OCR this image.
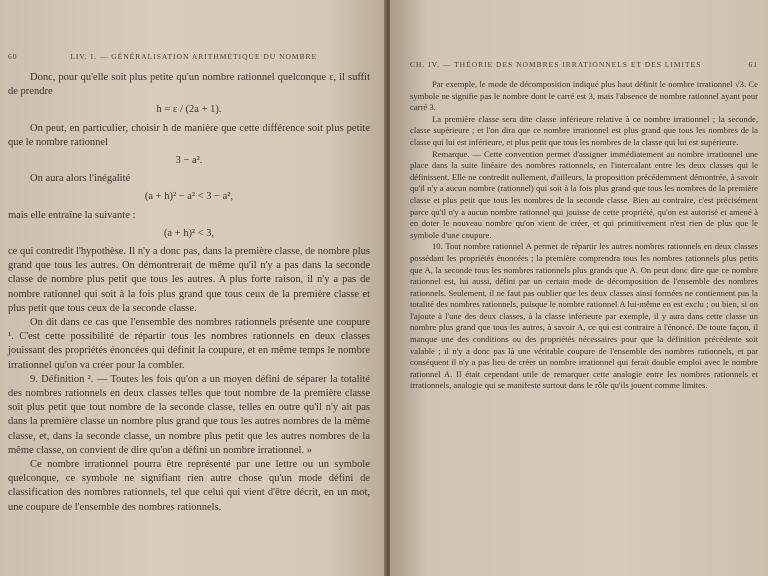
60	LIV. I. — GÉNÉRALISATION ARITHMÉTIQUE DU NOMBRE

Donc, pour qu'elle soit plus petite qu'un nombre rationnel quelconque ε, il suffit de prendre

h = ε / (2a + 1).

On peut, en particulier, choisir h de manière que cette différence soit plus petite que le nombre rationnel

3 − a².

On aura alors l'inégalité

(a + h)² − a² < 3 − a²,

mais elle entraîne la suivante :

(a + h)² < 3,

ce qui contredit l'hypothèse. Il n'y a donc pas, dans la première classe, de nombre plus grand que tous les autres. On démontrerait de même qu'il n'y a pas dans la seconde classe de nombre plus petit que tous les autres. A plus forte raison, il n'y a pas de nombre rationnel qui soit à la fois plus grand que tous ceux de la première classe et plus petit que tous ceux de la seconde classe.

On dit dans ce cas que l'ensemble des nombres rationnels présente une coupure ¹. C'est cette possibilité de répartir tous les nombres rationnels en deux classes jouissant des propriétés énoncées qui définit la coupure, et en même temps le nombre irrationnel qu'on va créer pour la combler.

9. Définition ². — Toutes les fois qu'on a un moyen défini de séparer la totalité des nombres rationnels en deux classes telles que tout nombre de la première classe soit plus petit que tout nombre de la seconde classe, telles en outre qu'il n'y ait pas dans la première classe un nombre plus grand que tous les autres nombres de la même classe, et, dans la seconde classe, un nombre plus petit que les autres nombres de la même classe, on convient de dire qu'on a défini un nombre irrationnel. »

Ce nombre irrationnel pourra être représenté par une lettre ou un symbole quelconque, ce symbole ne signifiant rien autre chose qu'un mode défini de classification des nombres rationnels, tel que celui qui vient d'être décrit, en un mot, une coupure de l'ensemble des nombres rationnels.

CH. IV. — THÉORIE DES NOMBRES IRRATIONNELS ET DES LIMITES	61

Par exemple, le mode de décomposition indiqué plus haut définit le nombre irrationnel √3. Ce symbole ne signifie pas le nombre dont le carré est 3, mais l'absence de nombre rationnel ayant pour carré 3.

La première classe sera dite classe inférieure relative à ce nombre irrationnel ; la seconde, classe supérieure ; et l'on dira que ce nombre irrationnel est plus grand que tous les nombres de la classe qui lui est inférieure, et plus petit que tous les nombres de la classe qui lui est supérieure.

Remarque. — Cette convention permet d'assigner immédiatement au nombre irrationnel une place dans la suite linéaire des nombres rationnels, en l'intercalant entre les deux classes qui le définissent. Elle ne contredit nullement, d'ailleurs, la proposition précédemment démontrée, à savoir qu'il n'y a aucun nombre (rationnel) qui soit à la fois plus grand que tous les nombres de la première classe et plus petit que tous les nombres de la seconde classe. Bien au contraire, c'est précisément parce qu'il n'y a aucun nombre rationnel qui jouisse de cette propriété, qu'on est autorisé et amené à en doter le nouveau nombre qu'on vient de créer, et qui primitivement n'est rien de plus que le symbole d'une coupure.

10. Tout nombre rationnel A permet de répartir les autres nombres rationnels en deux classes possédant les propriétés énoncées ; la première comprendra tous les nombres rationnels plus petits que A, la seconde tous les nombres rationnels plus grands que A. On peut donc dire que ce nombre rationnel est, lui aussi, défini par un certain mode de décomposition de l'ensemble des nombres rationnels. Seulement, il ne faut pas oublier que les deux classes ainsi formées ne contiennent pas la totalité des nombres rationnels, puisque le nombre rationnel A lui-même en est exclu ; ou bien, si on l'ajoute à l'une des deux classes, à la classe inférieure par exemple, il y aura dans cette classe un nombre plus grand que tous les autres, à savoir A, ce qui est contraire à l'énoncé. De toute façon, il manque une des conditions ou des propriétés nécessaires pour que la définition précédente soit valable ; il n'y a donc pas là une véritable coupure de l'ensemble des nombres rationnels, et par conséquent il n'y a pas lieu de créer un nombre irrationnel qui ferait double emploi avec le nombre rationnel A. Il était cependant utile de remarquer cette analogie entre les nombres rationnels et irrationnels, analogie qui se manifeste surtout dans le rôle qu'ils jouent comme limites.
